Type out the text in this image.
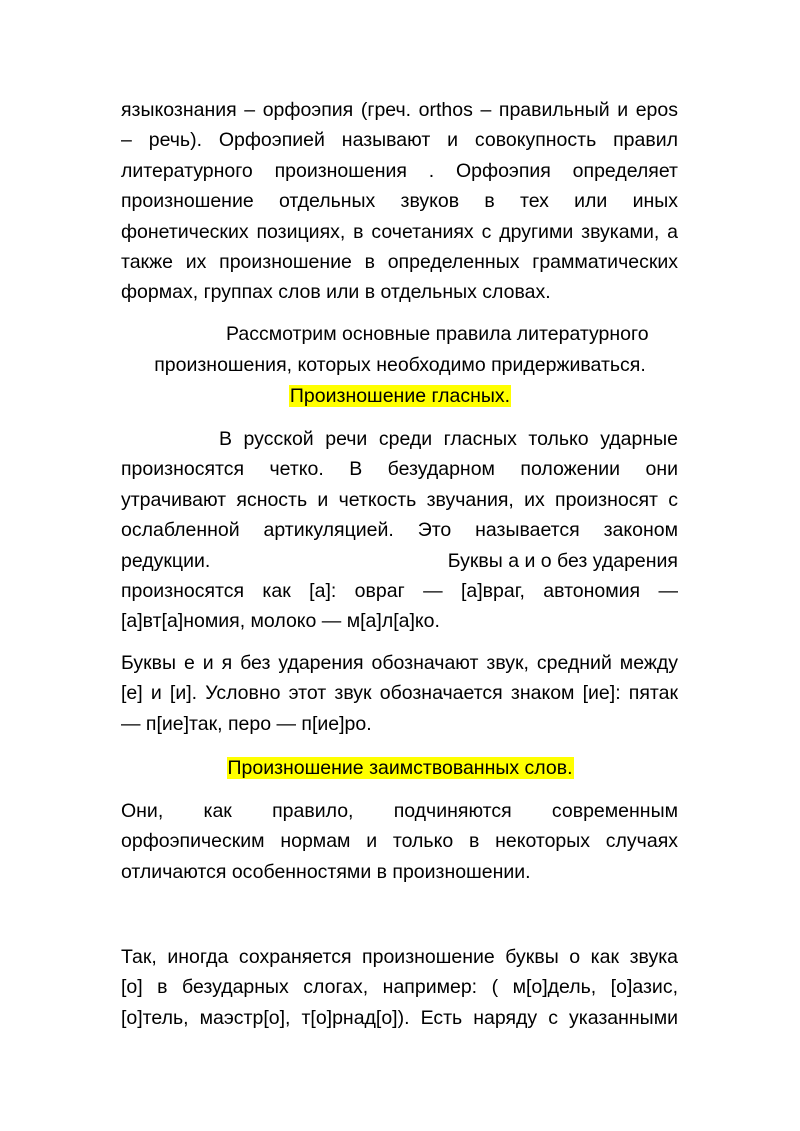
языкознания – орфоэпия (греч. orthos – правильный и epos
– речь). Орфоэпией называют и совокупность правил
литературного произношения . Орфоэпия определяет
произношение отдельных звуков в тех или иных
фонетических позициях, в сочетаниях с другими звуками, а
также их произношение в определенных грамматических
формах, группах слов или в отдельных словах.
Рассмотрим основные правила литературного
произношения, которых необходимо придерживаться.
Произношение гласных.
В русской речи среди гласных только ударные
произносятся четко. В безударном положении они
утрачивают ясность и четкость звучания, их произносят с
ослабленной артикуляцией. Это называется законом
редукции.	Буквы а и о без ударения
произносятся как [а]: овраг — [а]враг, автономия —
[а]вт[а]номия, молоко — м[а]л[а]ко.
Буквы е и я без ударения обозначают звук, средний между
[е] и [и]. Условно этот звук обозначается знаком [ие]: пятак
— п[ие]так, перо — п[ие]ро.
Произношение заимствованных слов.
Они, как правило, подчиняются современным
орфоэпическим нормам и только в некоторых случаях
отличаются особенностями в произношении.
Так, иногда сохраняется произношение буквы о как звука
[о] в безударных слогах, например: ( м[о]дель, [о]азис,
[о]тель, маэстр[о], т[о]рнад[о]). Есть наряду с указанными
